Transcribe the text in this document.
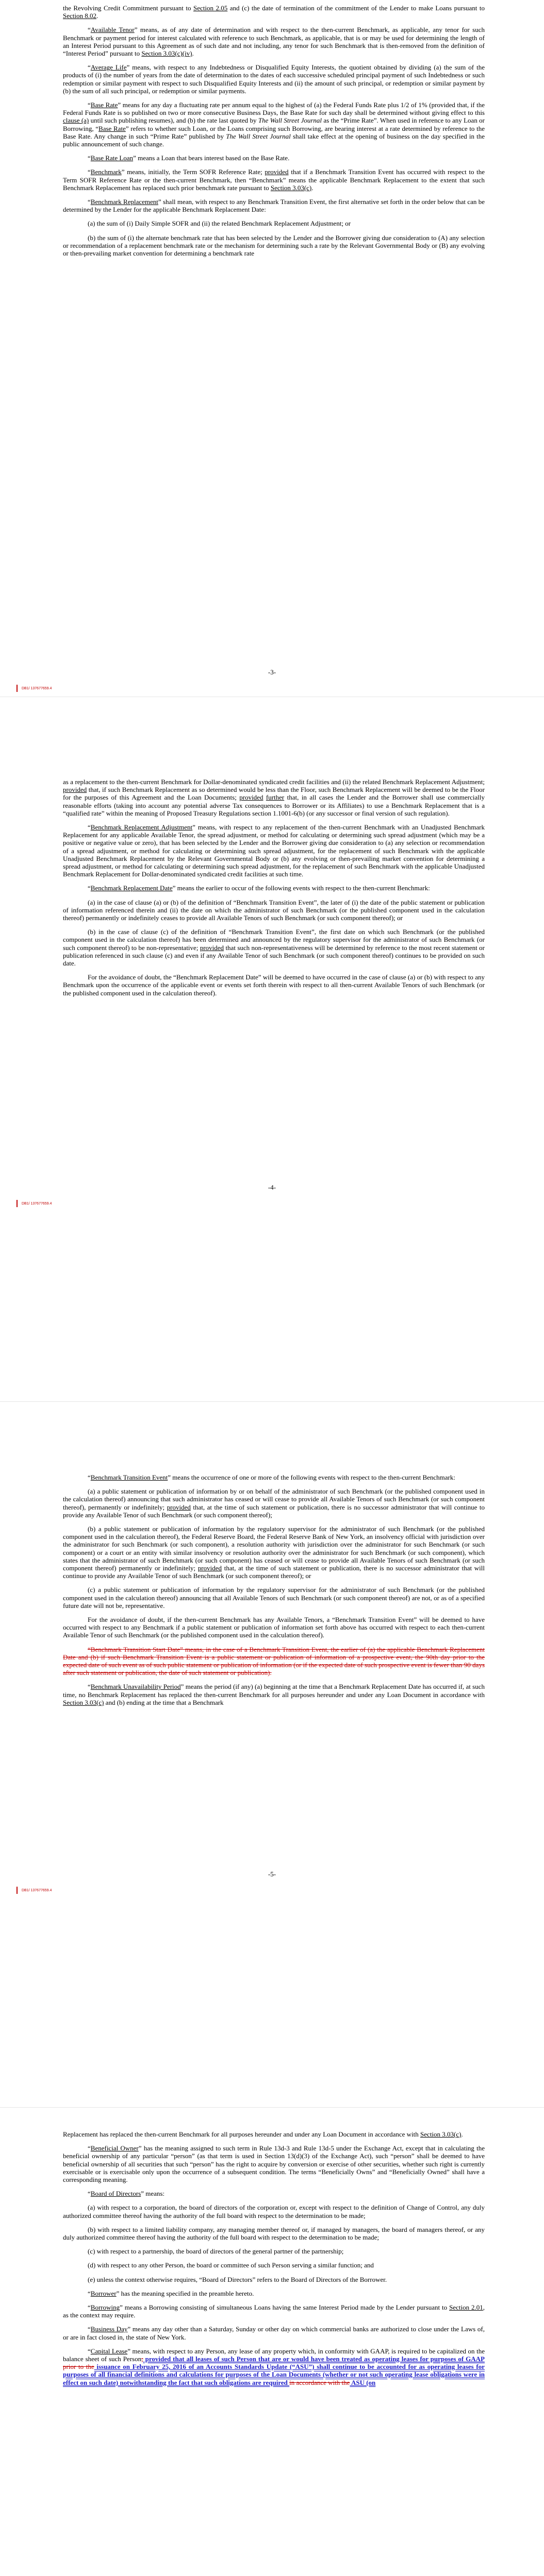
the Revolving Credit Commitment pursuant to Section 2.05 and (c) the date of termination of the commitment of the Lender to make Loans pursuant to Section 8.02.

“Available Tenor” means, as of any date of determination and with respect to the then-current Benchmark, as applicable, any tenor for such Benchmark or payment period for interest calculated with reference to such Benchmark, as applicable, that is or may be used for determining the length of an Interest Period pursuant to this Agreement as of such date and not including, any tenor for such Benchmark that is then-removed from the definition of “Interest Period” pursuant to Section 3.03(c)(iv).

“Average Life” means, with respect to any Indebtedness or Disqualified Equity Interests, the quotient obtained by dividing (a) the sum of the products of (i) the number of years from the date of determination to the dates of each successive scheduled principal payment of such Indebtedness or such redemption or similar payment with respect to such Disqualified Equity Interests and (ii) the amount of such principal, or redemption or similar payment by (b) the sum of all such principal, or redemption or similar payments.

“Base Rate” means for any day a fluctuating rate per annum equal to the highest of (a) the Federal Funds Rate plus 1/2 of 1% (provided that, if the Federal Funds Rate is so published on two or more consecutive Business Days, the Base Rate for such day shall be determined without giving effect to this clause (a) until such publishing resumes), and (b) the rate last quoted by The Wall Street Journal as the “Prime Rate”. When used in reference to any Loan or Borrowing, “Base Rate” refers to whether such Loan, or the Loans comprising such Borrowing, are bearing interest at a rate determined by reference to the Base Rate. Any change in such “Prime Rate” published by The Wall Street Journal shall take effect at the opening of business on the day specified in the public announcement of such change.

“Base Rate Loan” means a Loan that bears interest based on the Base Rate.

“Benchmark” means, initially, the Term SOFR Reference Rate; provided that if a Benchmark Transition Event has occurred with respect to the Term SOFR Reference Rate or the then-current Benchmark, then “Benchmark” means the applicable Benchmark Replacement to the extent that such Benchmark Replacement has replaced such prior benchmark rate pursuant to Section 3.03(c).

“Benchmark Replacement” shall mean, with respect to any Benchmark Transition Event, the first alternative set forth in the order below that can be determined by the Lender for the applicable Benchmark Replacement Date:

(a) the sum of (i) Daily Simple SOFR and (ii) the related Benchmark Replacement Adjustment; or

(b) the sum of (i) the alternate benchmark rate that has been selected by the Lender and the Borrower giving due consideration to (A) any selection or recommendation of a replacement benchmark rate or the mechanism for determining such a rate by the Relevant Governmental Body or (B) any evolving or then-prevailing market convention for determining a benchmark rate

-3-
DB1/ 137677659.4

as a replacement to the then-current Benchmark for Dollar-denominated syndicated credit facilities and (ii) the related Benchmark Replacement Adjustment; provided that, if such Benchmark Replacement as so determined would be less than the Floor, such Benchmark Replacement will be deemed to be the Floor for the purposes of this Agreement and the Loan Documents; provided further that, in all cases the Lender and the Borrower shall use commercially reasonable efforts (taking into account any potential adverse Tax consequences to Borrower or its Affiliates) to use a Benchmark Replacement that is a “qualified rate” within the meaning of Proposed Treasury Regulations section 1.1001-6(b) (or any successor or final version of such regulation).

“Benchmark Replacement Adjustment” means, with respect to any replacement of the then-current Benchmark with an Unadjusted Benchmark Replacement for any applicable Available Tenor, the spread adjustment, or method for calculating or determining such spread adjustment (which may be a positive or negative value or zero), that has been selected by the Lender and the Borrower giving due consideration to (a) any selection or recommendation of a spread adjustment, or method for calculating or determining such spread adjustment, for the replacement of such Benchmark with the applicable Unadjusted Benchmark Replacement by the Relevant Governmental Body or (b) any evolving or then-prevailing market convention for determining a spread adjustment, or method for calculating or determining such spread adjustment, for the replacement of such Benchmark with the applicable Unadjusted Benchmark Replacement for Dollar-denominated syndicated credit facilities at such time.

“Benchmark Replacement Date” means the earlier to occur of the following events with respect to the then-current Benchmark:

(a) in the case of clause (a) or (b) of the definition of “Benchmark Transition Event”, the later of (i) the date of the public statement or publication of information referenced therein and (ii) the date on which the administrator of such Benchmark (or the published component used in the calculation thereof) permanently or indefinitely ceases to provide all Available Tenors of such Benchmark (or such component thereof); or

(b) in the case of clause (c) of the definition of “Benchmark Transition Event”, the first date on which such Benchmark (or the published component used in the calculation thereof) has been determined and announced by the regulatory supervisor for the administrator of such Benchmark (or such component thereof) to be non-representative; provided that such non-representativeness will be determined by reference to the most recent statement or publication referenced in such clause (c) and even if any Available Tenor of such Benchmark (or such component thereof) continues to be provided on such date.

For the avoidance of doubt, the “Benchmark Replacement Date” will be deemed to have occurred in the case of clause (a) or (b) with respect to any Benchmark upon the occurrence of the applicable event or events set forth therein with respect to all then-current Available Tenors of such Benchmark (or the published component used in the calculation thereof).

-4-
DB1/ 137677659.4

“Benchmark Transition Event” means the occurrence of one or more of the following events with respect to the then-current Benchmark:

(a) a public statement or publication of information by or on behalf of the administrator of such Benchmark (or the published component used in the calculation thereof) announcing that such administrator has ceased or will cease to provide all Available Tenors of such Benchmark (or such component thereof), permanently or indefinitely; provided that, at the time of such statement or publication, there is no successor administrator that will continue to provide any Available Tenor of such Benchmark (or such component thereof);

(b) a public statement or publication of information by the regulatory supervisor for the administrator of such Benchmark (or the published component used in the calculation thereof), the Federal Reserve Board, the Federal Reserve Bank of New York, an insolvency official with jurisdiction over the administrator for such Benchmark (or such component), a resolution authority with jurisdiction over the administrator for such Benchmark (or such component) or a court or an entity with similar insolvency or resolution authority over the administrator for such Benchmark (or such component), which states that the administrator of such Benchmark (or such component) has ceased or will cease to provide all Available Tenors of such Benchmark (or such component thereof) permanently or indefinitely; provided that, at the time of such statement or publication, there is no successor administrator that will continue to provide any Available Tenor of such Benchmark (or such component thereof); or

(c) a public statement or publication of information by the regulatory supervisor for the administrator of such Benchmark (or the published component used in the calculation thereof) announcing that all Available Tenors of such Benchmark (or such component thereof) are not, or as of a specified future date will not be, representative.

For the avoidance of doubt, if the then-current Benchmark has any Available Tenors, a “Benchmark Transition Event” will be deemed to have occurred with respect to any Benchmark if a public statement or publication of information set forth above has occurred with respect to each then-current Available Tenor of such Benchmark (or the published component used in the calculation thereof).

“Benchmark Transition Start Date” means, in the case of a Benchmark Transition Event, the earlier of (a) the applicable Benchmark Replacement Date and (b) if such Benchmark Transition Event is a public statement or publication of information of a prospective event, the 90th day prior to the expected date of such event as of such public statement or publication of information (or if the expected date of such prospective event is fewer than 90 days after such statement or publication, the date of such statement or publication).

“Benchmark Unavailability Period” means the period (if any) (a) beginning at the time that a Benchmark Replacement Date has occurred if, at such time, no Benchmark Replacement has replaced the then-current Benchmark for all purposes hereunder and under any Loan Document in accordance with Section 3.03(c) and (b) ending at the time that a Benchmark

-5-
DB1/ 137677659.4

Replacement has replaced the then-current Benchmark for all purposes hereunder and under any Loan Document in accordance with Section 3.03(c).

“Beneficial Owner” has the meaning assigned to such term in Rule 13d-3 and Rule 13d-5 under the Exchange Act, except that in calculating the beneficial ownership of any particular “person” (as that term is used in Section 13(d)(3) of the Exchange Act), such “person” shall be deemed to have beneficial ownership of all securities that such “person” has the right to acquire by conversion or exercise of other securities, whether such right is currently exercisable or is exercisable only upon the occurrence of a subsequent condition. The terms “Beneficially Owns” and “Beneficially Owned” shall have a corresponding meaning.

“Board of Directors” means:

(a) with respect to a corporation, the board of directors of the corporation or, except with respect to the definition of Change of Control, any duly authorized committee thereof having the authority of the full board with respect to the determination to be made;

(b) with respect to a limited liability company, any managing member thereof or, if managed by managers, the board of managers thereof, or any duly authorized committee thereof having the authority of the full board with respect to the determination to be made;

(c) with respect to a partnership, the board of directors of the general partner of the partnership;

(d) with respect to any other Person, the board or committee of such Person serving a similar function; and

(e) unless the context otherwise requires, “Board of Directors” refers to the Board of Directors of the Borrower.

“Borrower” has the meaning specified in the preamble hereto.

“Borrowing” means a Borrowing consisting of simultaneous Loans having the same Interest Period made by the Lender pursuant to Section 2.01, as the context may require.

“Business Day” means any day other than a Saturday, Sunday or other day on which commercial banks are authorized to close under the Laws of, or are in fact closed in, the state of New York.

“Capital Lease” means, with respect to any Person, any lease of any property which, in conformity with GAAP, is required to be capitalized on the balance sheet of such Person; provided that all leases of such Person that are or would have been treated as operating leases for purposes of GAAP prior to the issuance on February 25, 2016 of an Accounts Standards Update (“ASU”) shall continue to be accounted for as operating leases for purposes of all financial definitions and calculations for purposes of the Loan Documents (whether or not such operating lease obligations were in effect on such date) notwithstanding the fact that such obligations are required in accordance with the ASU (on
